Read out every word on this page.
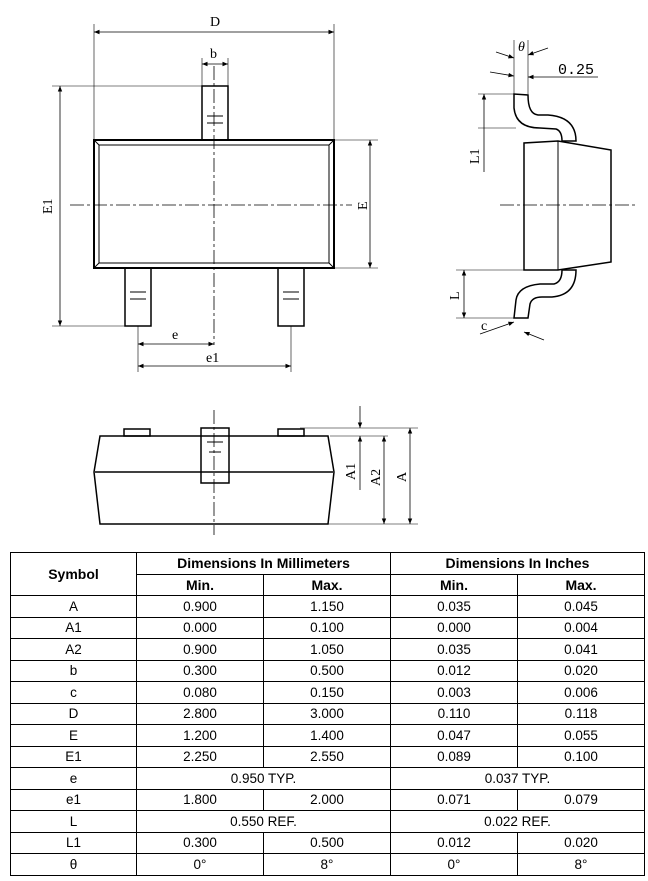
D
b
E1	E
e
e1
θ
0.25
L1
L
c
A1 A2 A
Symbol	Dimensions In Millimeters		Dimensions In Inches	
	Min.	Max.	Min.	Max.
A	0.900	1.150	0.035	0.045
A1	0.000	0.100	0.000	0.004
A2	0.900	1.050	0.035	0.041
b	0.300	0.500	0.012	0.020
c	0.080	0.150	0.003	0.006
D	2.800	3.000	0.110	0.118
E	1.200	1.400	0.047	0.055
E1	2.250	2.550	0.089	0.100
e	0.950 TYP.		0.037 TYP.	
e1	1.800	2.000	0.071	0.079
L	0.550 REF.		0.022 REF.	
L1	0.300	0.500	0.012	0.020
θ	0°	8°	0°	8°
